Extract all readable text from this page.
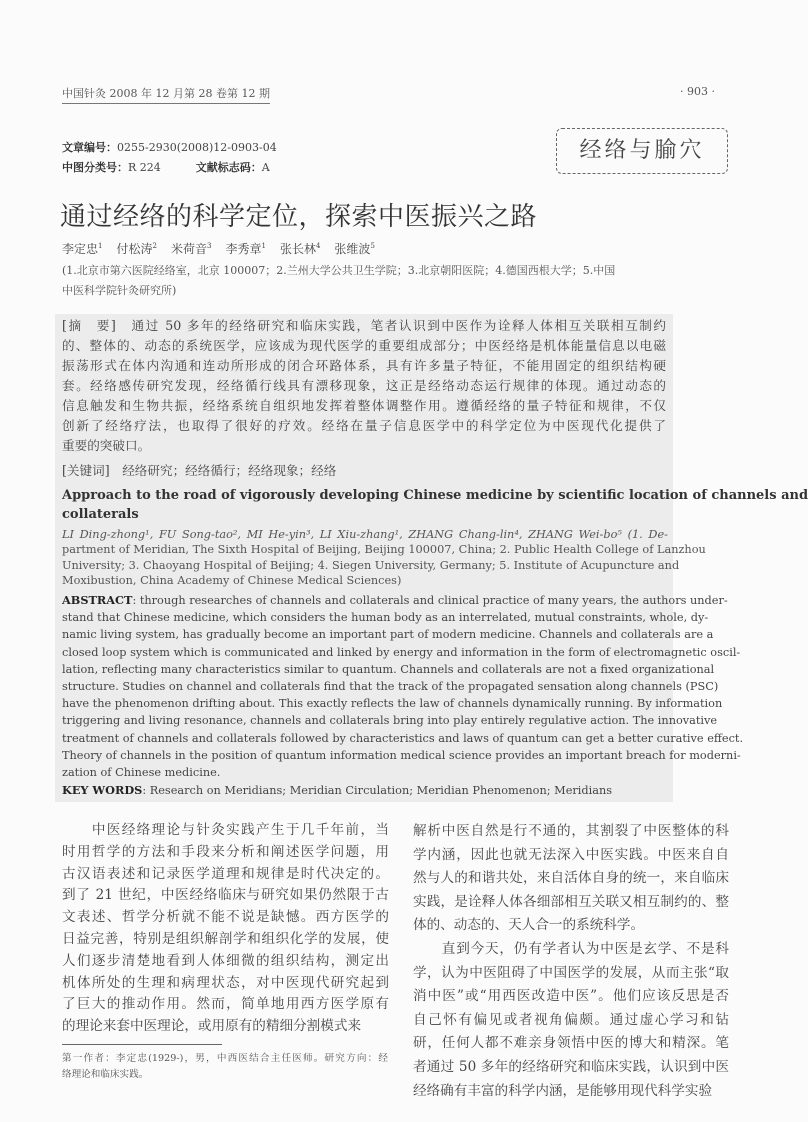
中国针灸 2008 年 12 月第 28 卷第 12 期	· 903 ·
文章编号：0255-2930(2008)12-0903-04
中图分类号：R 224	文献标志码：A
经络与腧穴
通过经络的科学定位，探索中医振兴之路
李定忠$^1$ 付松涛$^2$ 米荷音$^3$ 李秀章$^1$ 张长林$^4$ 张维波$^5$
(1.北京市第六医院经络室，北京 100007；2.兰州大学公共卫生学院；3.北京朝阳医院；4.德国西根大学；5.中国
中医科学院针灸研究所)
[摘　要]　通过 50 多年的经络研究和临床实践，笔者认识到中医作为诠释人体相互关联相互制约
的、整体的、动态的系统医学，应该成为现代医学的重要组成部分；中医经络是机体能量信息以电磁
振荡形式在体内沟通和连动所形成的闭合环路体系，具有许多量子特征，不能用固定的组织结构硬
套。经络感传研究发现，经络循行线具有漂移现象，这正是经络动态运行规律的体现。通过动态的
信息触发和生物共振，经络系统自组织地发挥着整体调整作用。遵循经络的量子特征和规律，不仅
创新了经络疗法，也取得了很好的疗效。经络在量子信息医学中的科学定位为中医现代化提供了
重要的突破口。
[关键词]　经络研究；经络循行；经络现象；经络
Approach to the road of vigorously developing Chinese medicine by scientific location of channels and
collaterals
LI Ding-zhong¹, FU Song-tao², MI He-yin³, LI Xiu-zhang¹, ZHANG Chang-lin⁴, ZHANG Wei-bo⁵ (1. De-
partment of Meridian, The Sixth Hospital of Beijing, Beijing 100007, China; 2. Public Health College of Lanzhou
University; 3. Chaoyang Hospital of Beijing; 4. Siegen University, Germany; 5. Institute of Acupuncture and
Moxibustion, China Academy of Chinese Medical Sciences)
ABSTRACT: through researches of channels and collaterals and clinical practice of many years, the authors under-
stand that Chinese medicine, which considers the human body as an interrelated, mutual constraints, whole, dy-
namic living system, has gradually become an important part of modern medicine. Channels and collaterals are a
closed loop system which is communicated and linked by energy and information in the form of electromagnetic oscil-
lation, reflecting many characteristics similar to quantum. Channels and collaterals are not a fixed organizational
structure. Studies on channel and collaterals find that the track of the propagated sensation along channels (PSC)
have the phenomenon drifting about. This exactly reflects the law of channels dynamically running. By information
triggering and living resonance, channels and collaterals bring into play entirely regulative action. The innovative
treatment of channels and collaterals followed by characteristics and laws of quantum can get a better curative effect.
Theory of channels in the position of quantum information medical science provides an important breach for moderni-
zation of Chinese medicine.
KEY WORDS: Research on Meridians; Meridian Circulation; Meridian Phenomenon; Meridians
　　中医经络理论与针灸实践产生于几千年前，当
时用哲学的方法和手段来分析和阐述医学问题，用
古汉语表述和记录医学道理和规律是时代决定的。
到了 21 世纪，中医经络临床与研究如果仍然限于古
文表述、哲学分析就不能不说是缺憾。西方医学的
日益完善，特别是组织解剖学和组织化学的发展，使
人们逐步清楚地看到人体细微的组织结构，测定出
机体所处的生理和病理状态，对中医现代研究起到
了巨大的推动作用。然而，简单地用西方医学原有
的理论来套中医理论，或用原有的精细分割模式来
解析中医自然是行不通的，其割裂了中医整体的科
学内涵，因此也就无法深入中医实践。中医来自自
然与人的和谐共处，来自活体自身的统一，来自临床
实践，是诠释人体各细部相互关联又相互制约的、整
体的、动态的、天人合一的系统科学。
　　直到今天，仍有学者认为中医是玄学、不是科
学，认为中医阻碍了中国医学的发展，从而主张“取
消中医”或“用西医改造中医”。他们应该反思是否
自己怀有偏见或者视角偏颇。通过虚心学习和钻
研，任何人都不难亲身领悟中医的博大和精深。笔
者通过 50 多年的经络研究和临床实践，认识到中医
经络确有丰富的科学内涵，是能够用现代科学实验
第一作者：李定忠(1929-)，男，中西医结合主任医师。研究方向：经
络理论和临床实践。
